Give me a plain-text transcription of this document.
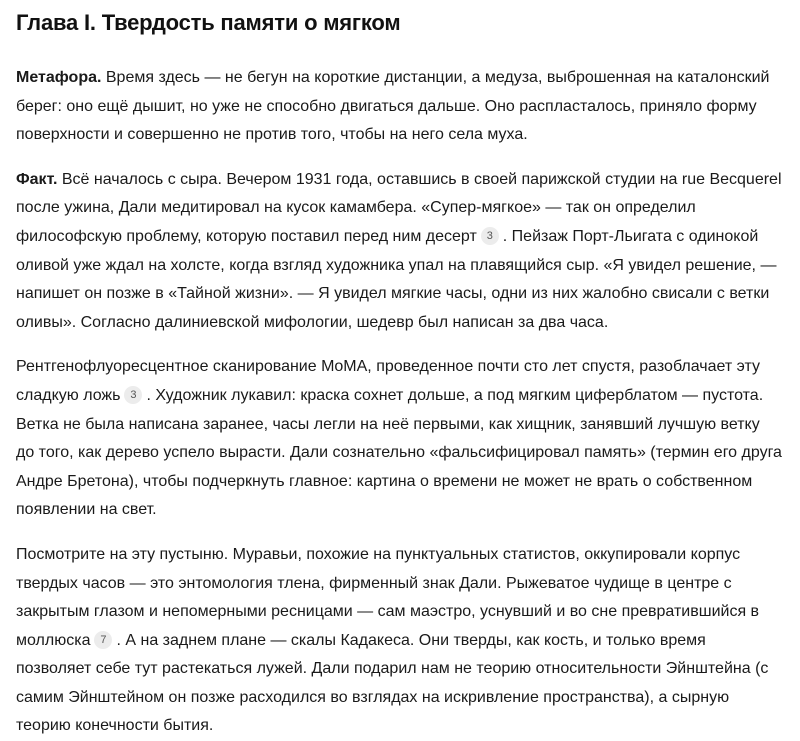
Глава I. Твердость памяти о мягком

Метафора. Время здесь — не бегун на короткие дистанции, а медуза, выброшенная на каталонский берег: оно ещё дышит, но уже не способно двигаться дальше. Оно распласталось, приняло форму поверхности и совершенно не против того, чтобы на него села муха.

Факт. Всё началось с сыра. Вечером 1931 года, оставшись в своей парижской студии на rue Becquerel после ужина, Дали медитировал на кусок камамбера. «Супер-мягкое» — так он определил философскую проблему, которую поставил перед ним десерт 3 . Пейзаж Порт-Льигата с одинокой оливой уже ждал на холсте, когда взгляд художника упал на плавящийся сыр. «Я увидел решение, — напишет он позже в «Тайной жизни». — Я увидел мягкие часы, одни из них жалобно свисали с ветки оливы». Согласно далиниевской мифологии, шедевр был написан за два часа.

Рентгенофлуоресцентное сканирование MoMA, проведенное почти сто лет спустя, разоблачает эту сладкую ложь 3 . Художник лукавил: краска сохнет дольше, а под мягким циферблатом — пустота. Ветка не была написана заранее, часы легли на неё первыми, как хищник, занявший лучшую ветку до того, как дерево успело вырасти. Дали сознательно «фальсифицировал память» (термин его друга Андре Бретона), чтобы подчеркнуть главное: картина о времени не может не врать о собственном появлении на свет.

Посмотрите на эту пустыню. Муравьи, похожие на пунктуальных статистов, оккупировали корпус твердых часов — это энтомология тлена, фирменный знак Дали. Рыжеватое чудище в центре с закрытым глазом и непомерными ресницами — сам маэстро, уснувший и во сне превратившийся в моллюска 7 . А на заднем плане — скалы Кадакеса. Они тверды, как кость, и только время позволяет себе тут растекаться лужей. Дали подарил нам не теорию относительности Эйнштейна (с самим Эйнштейном он позже расходился во взглядах на искривление пространства), а сырную теорию конечности бытия.
